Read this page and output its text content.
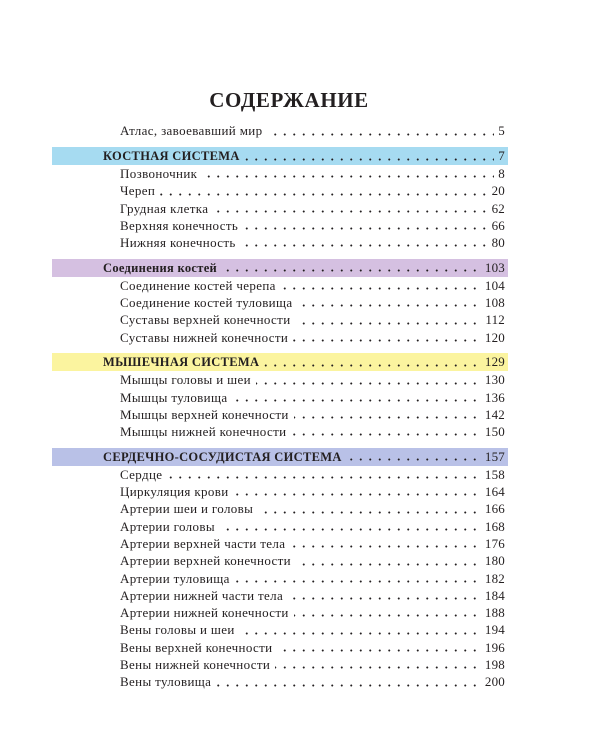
СОДЕРЖАНИЕ
Атлас, завоевавший мир	5
КОСТНАЯ СИСТЕМА	7
Позвоночник	8
Череп	20
Грудная клетка	62
Верхняя конечность	66
Нижняя конечность	80
Соединения костей	103
Соединение костей черепа	104
Соединение костей туловища	108
Суставы верхней конечности	112
Суставы нижней конечности	120
МЫШЕЧНАЯ СИСТЕМА	129
Мышцы головы и шеи	130
Мышцы туловища	136
Мышцы верхней конечности	142
Мышцы нижней конечности	150
СЕРДЕЧНО-СОСУДИСТАЯ СИСТЕМА	157
Сердце	158
Циркуляция крови	164
Артерии шеи и головы	166
Артерии головы	168
Артерии верхней части тела	176
Артерии верхней конечности	180
Артерии туловища	182
Артерии нижней части тела	184
Артерии нижней конечности	188
Вены головы и шеи	194
Вены верхней конечности	196
Вены нижней конечности	198
Вены туловища	200
